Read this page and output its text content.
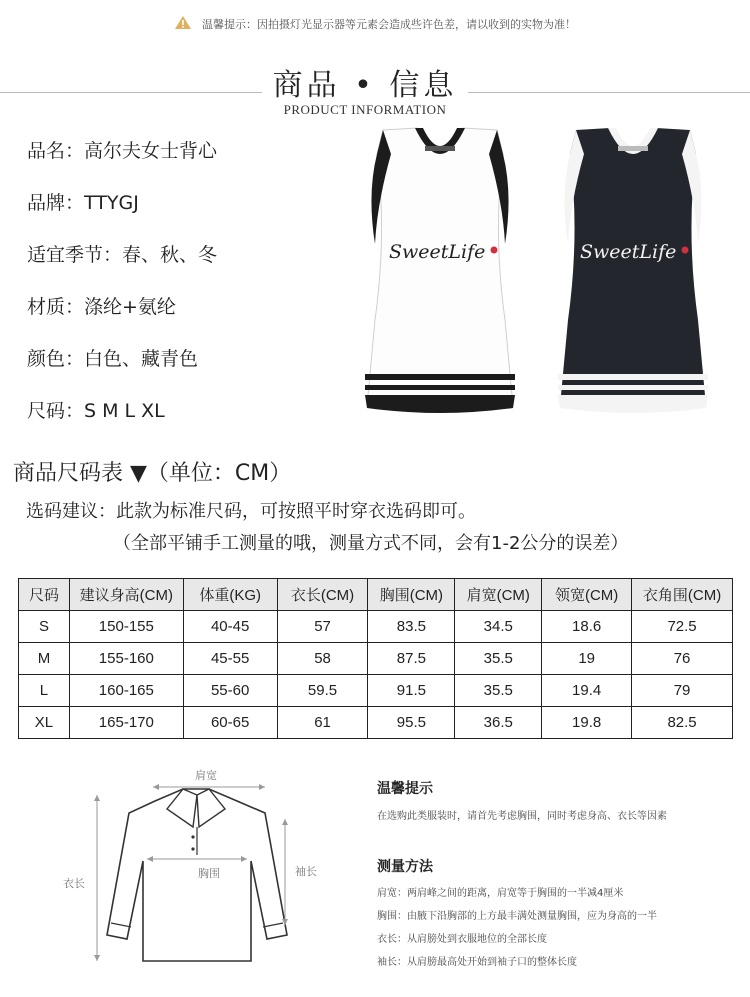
温馨提示：因拍摄灯光显示器等元素会造成些许色差，请以收到的实物为准！
商品 • 信息
PRODUCT INFORMATION
品名：高尔夫女士背心
品牌：TTYGJ
适宜季节：春、秋、冬
材质：涤纶+氨纶
颜色：白色、藏青色
尺码：S M L XL
SweetLife	SweetLife
商品尺码表 ▼（单位：CM）
选码建议：此款为标准尺码，可按照平时穿衣选码即可。
（全部平铺手工测量的哦，测量方式不同，会有1-2公分的误差）
尺码	建议身高(CM)	体重(KG)	衣长(CM)	胸围(CM)	肩宽(CM)	领宽(CM)	衣角围(CM)
S	150-155	40-45	57	83.5	34.5	18.6	72.5
M	155-160	45-55	58	87.5	35.5	19	76
L	160-165	55-60	59.5	91.5	35.5	19.4	79
XL	165-170	60-65	61	95.5	36.5	19.8	82.5
肩宽
胸围
衣长
袖长
温馨提示
在选购此类服装时，请首先考虑胸围，同时考虑身高、衣长等因素
测量方法
肩宽：两肩峰之间的距离，肩宽等于胸围的一半减4厘米
胸围：由腋下沿胸部的上方最丰满处测量胸围，应为身高的一半
衣长：从肩膀处到衣服地位的全部长度
袖长：从肩膀最高处开始到袖子口的整体长度
